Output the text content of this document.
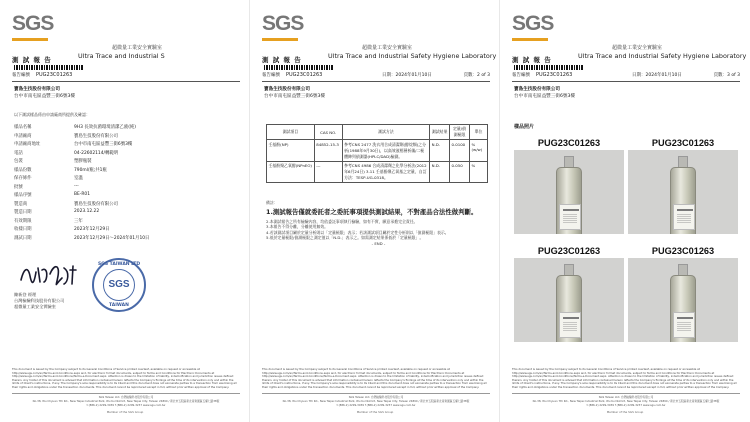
SGS
超微量工業安全實驗室
Ultra Trace and Industrial S
測 試 報 告
報告編號 PUG23C01263
寶島生技股份有限公司
台中市南屯區益豐三街6號3樓
以下測試樣品係由申請廠商所提供及確認：
樣品名稱	9H3 長效抗菌環境清潔乙液(純)
申請廠商	寶島生技股份有限公司
申請廠商地址	台中市南屯區益豐三街6號3樓
電話	04-22602114/轉範明
包裝	塑膠瓶裝
樣品份數	790ml/瓶;共1瓶
保存條件	室溫
批號	---
樣品序號	BE-R01
製造商	寶島生技股份有限公司
製造日期	2023.12.22
有效期限	三年
收樣日期	2023年12月29日
測試日期	2023年12月29日～2024年01月10日
陳新登 經理
台灣檢驗科技股份有限公司
超微量工業安全實驗室
SGS TAIWAN LTD
SGS
TAIWAN
This document is issued by the Company subject to its General Conditions of Service printed overleaf, available on request or accessible at http://www.sgs.com/en/Terms-and-Conditions.aspx and, for electronic format documents, subject to Terms and Conditions for Electronic Documents at http://www.sgs.com/en/Terms-and-Conditions/Terms-e-Document.aspx. Attention is drawn to the limitation of liability, indemnification and jurisdiction issues defined therein. Any holder of this document is advised that information contained hereon reflects the Company's findings at the time of its intervention only and within the limits of Client's instructions, if any. The Company's sole responsibility is to its Client and this document does not exonerate parties to a transaction from exercising all their rights and obligations under the transaction documents. This document cannot be reproduced except in full, without prior written approval of the Company.
SGS Taiwan Ltd. 台灣檢驗科技股份有限公司
No.38, Wu Chyuan 7th Rd., New Taipei Industrial Park, Wu Ku District, New Taipei City, Taiwan 24890 / 新北市五股區新北產業園區五權七路38號
t (886-2) 2299-3939 f (886-2) 2299-3237 www.sgs.com.tw
Member of the SGS Group
SGS
超微量工業安全實驗室
Ultra Trace and Industrial Safety Hygiene Laboratory
測 試 報 告
報告編號 PUG23C01263	日期：2024年01月10日	頁數：2 of 3
寶島生技股份有限公司
台中市南屯區益豐三街6號3樓
測試項目	CAS NO.	測試方法	測試結果	定量/偵測極限	單位
壬基酚(NP)	84852-15-3	參考CNS 2477 洗衣用合成清潔劑(醇烷類)之分析(1988年9月30日)，以高效液相層析儀/二極體陣列偵測器(HPLC/DAD)檢測。	N.D.	0.0100	%(w/w)
壬基酚聚乙氧醇(NPnEO)	---	參考CNS 4986 合成清潔劑之化學分析法(2012年6月24日) 3.11 壬基酚聚乙氧基之定量，自訂方法：TESP-UG-0318。	N.D.	0.050	%
備註：
1.測試報告僅就委託者之委託事項提供測試結果，不對產品合法性做判斷。
2.本測試報告之所有檢驗內容，均依委託事項執行檢驗，如有不實，願意承擔完全責任。
3.本報告不得分離，分離使用無效。
4.若該測試項目屬於定量分析則以「定量極限」表示；若該測試項目屬於定性分析則以「偵測極限」表示。
5.低於定量極限/偵測極限之測定值以「N.D.」表示之。如需測定結果係低於「定量極限」。
- END -
This document is issued by the Company subject to its General Conditions of Service printed overleaf, available on request or accessible at http://www.sgs.com/en/Terms-and-Conditions.aspx and, for electronic format documents, subject to Terms and Conditions for Electronic Documents at http://www.sgs.com/en/Terms-and-Conditions/Terms-e-Document.aspx. Attention is drawn to the limitation of liability, indemnification and jurisdiction issues defined therein. Any holder of this document is advised that information contained hereon reflects the Company's findings at the time of its intervention only and within the limits of Client's instructions, if any. The Company's sole responsibility is to its Client and this document does not exonerate parties to a transaction from exercising all their rights and obligations under the transaction documents. This document cannot be reproduced except in full, without prior written approval of the Company.
SGS Taiwan Ltd. 台灣檢驗科技股份有限公司
No.38, Wu Chyuan 7th Rd., New Taipei Industrial Park, Wu Ku District, New Taipei City, Taiwan 24890 / 新北市五股區新北產業園區五權七路38號
t (886-2) 2299-3939 f (886-2) 2299-3237 www.sgs.com.tw
Member of the SGS Group
SGS
超微量工業安全實驗室
Ultra Trace and Industrial Safety Hygiene Laboratory
測 試 報 告
報告編號 PUG23C01263	日期：2024年01月10日	頁數：3 of 3
寶島生技股份有限公司
台中市南屯區益豐三街6號3樓
樣品照片
PUG23C01263	PUG23C01263
PUG23C01263	PUG23C01263
This document is issued by the Company subject to its General Conditions of Service printed overleaf, available on request or accessible at http://www.sgs.com/en/Terms-and-Conditions.aspx and, for electronic format documents, subject to Terms and Conditions for Electronic Documents at http://www.sgs.com/en/Terms-and-Conditions/Terms-e-Document.aspx. Attention is drawn to the limitation of liability, indemnification and jurisdiction issues defined therein. Any holder of this document is advised that information contained hereon reflects the Company's findings at the time of its intervention only and within the limits of Client's instructions, if any. The Company's sole responsibility is to its Client and this document does not exonerate parties to a transaction from exercising all their rights and obligations under the transaction documents. This document cannot be reproduced except in full, without prior written approval of the Company.
SGS Taiwan Ltd. 台灣檢驗科技股份有限公司
No.38, Wu Chyuan 7th Rd., New Taipei Industrial Park, Wu Ku District, New Taipei City, Taiwan 24890 / 新北市五股區新北產業園區五權七路38號
t (886-2) 2299-3939 f (886-2) 2299-3237 www.sgs.com.tw
Member of the SGS Group
